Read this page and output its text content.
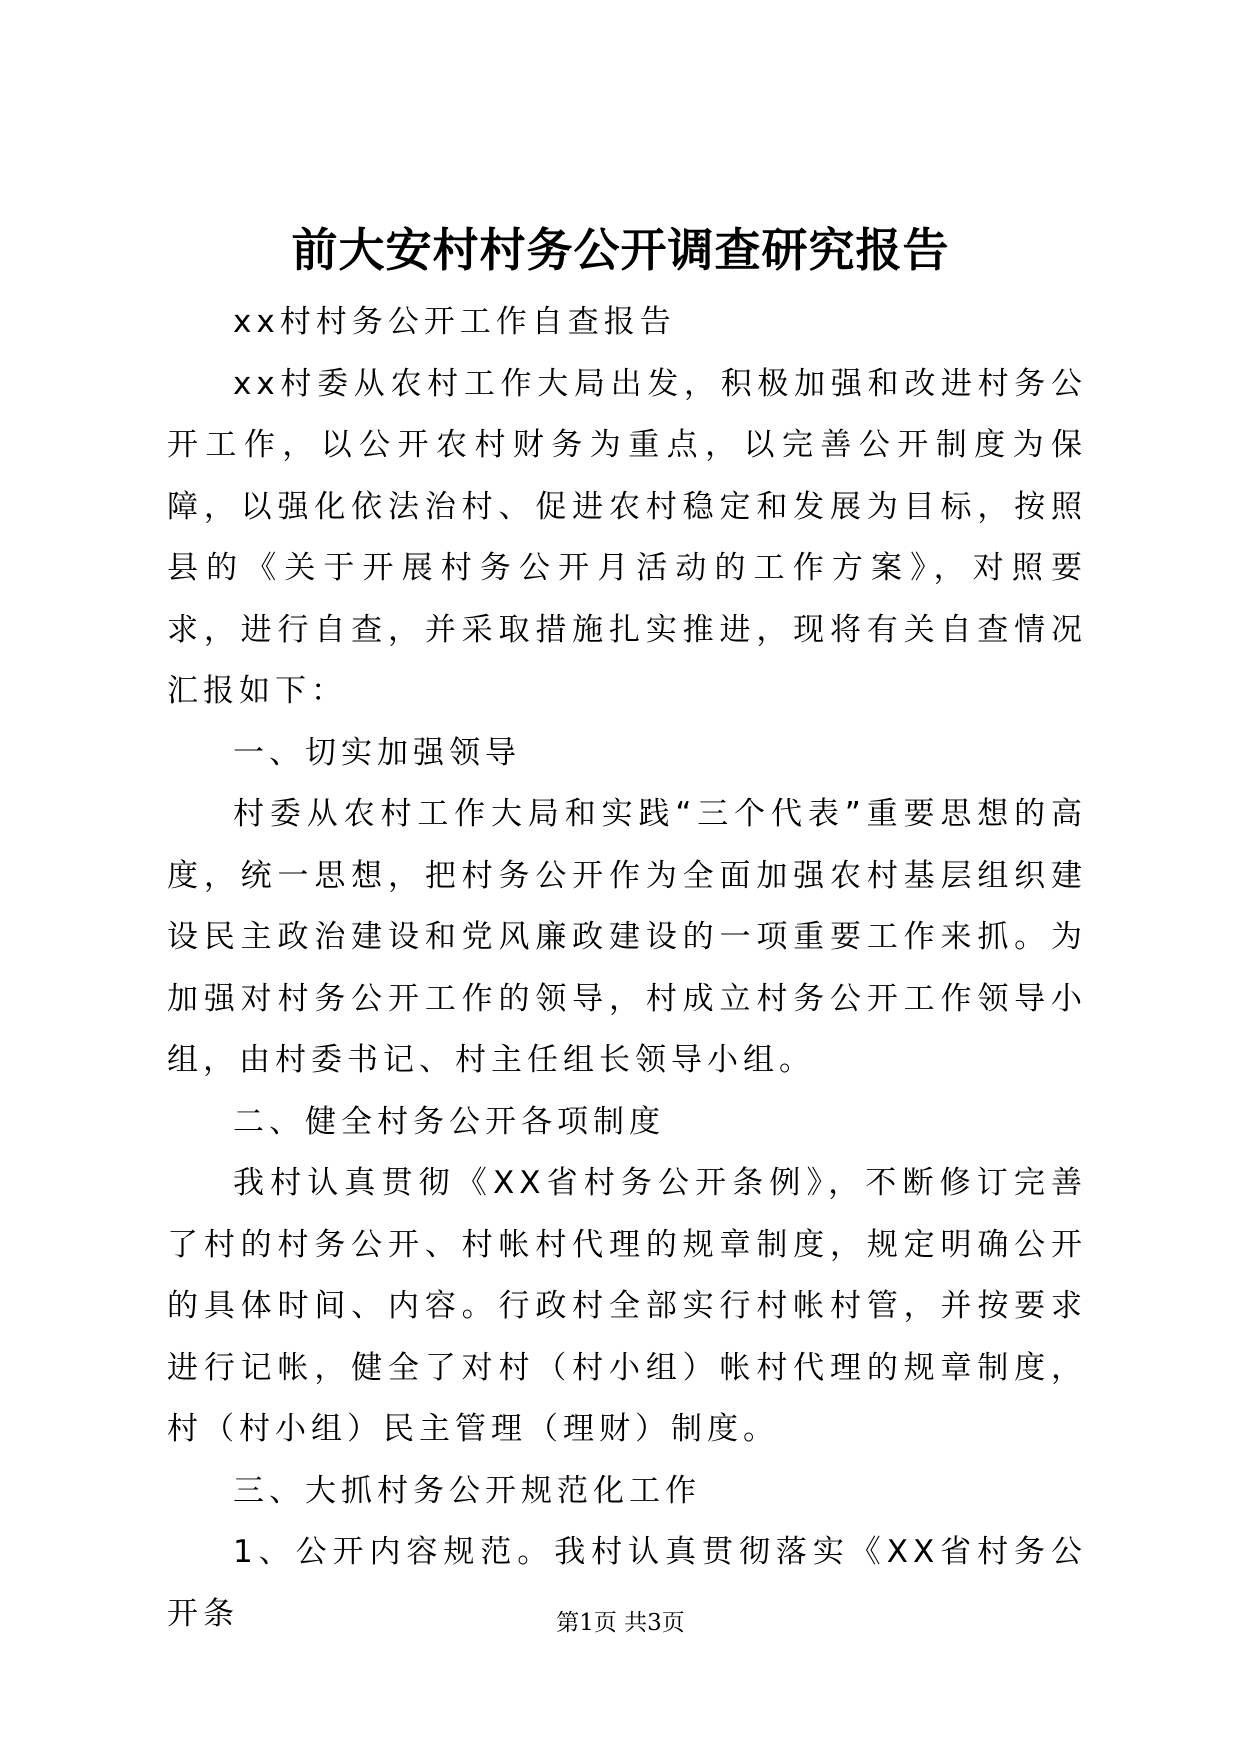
前大安村村务公开调查研究报告

xx村村务公开工作自查报告

xx村委从农村工作大局出发，积极加强和改进村务公开工作，以公开农村财务为重点，以完善公开制度为保障，以强化依法治村、促进农村稳定和发展为目标，按照县的《关于开展村务公开月活动的工作方案》，对照要求，进行自查，并采取措施扎实推进，现将有关自查情况汇报如下：

一、切实加强领导

村委从农村工作大局和实践“三个代表”重要思想的高度，统一思想，把村务公开作为全面加强农村基层组织建设民主政治建设和党风廉政建设的一项重要工作来抓。为加强对村务公开工作的领导，村成立村务公开工作领导小组，由村委书记、村主任组长领导小组。

二、健全村务公开各项制度

我村认真贯彻《XX省村务公开条例》，不断修订完善了村的村务公开、村帐村代理的规章制度，规定明确公开的具体时间、内容。行政村全部实行村帐村管，并按要求进行记帐，健全了对村（村小组）帐村代理的规章制度，村（村小组）民主管理（理财）制度。

三、大抓村务公开规范化工作

1、公开内容规范。我村认真贯彻落实《XX省村务公开条	第1页 共3页
